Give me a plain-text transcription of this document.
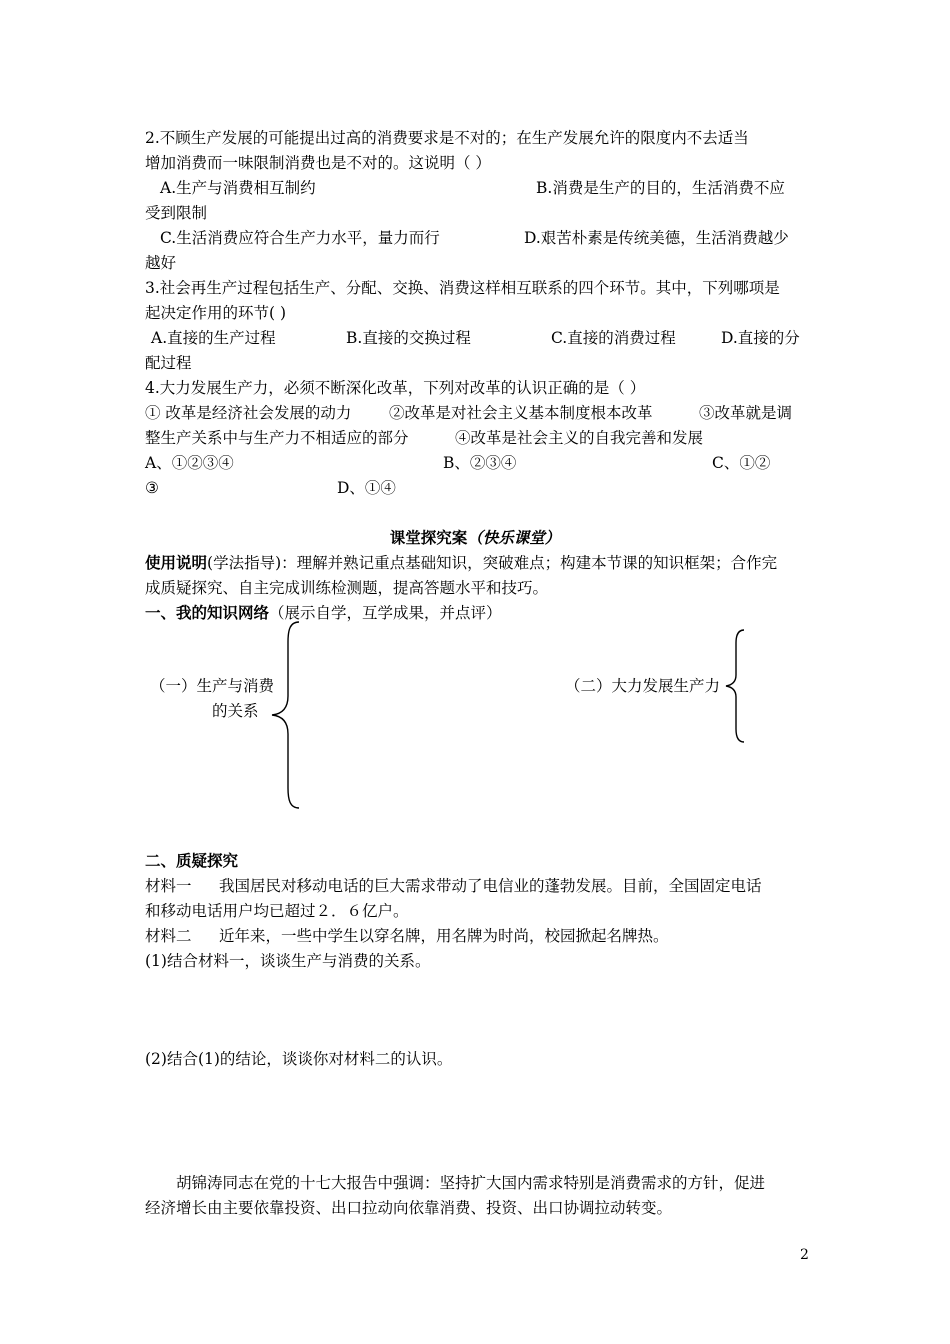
2.不顾生产发展的可能提出过高的消费要求是不对的；在生产发展允许的限度内不去适当
增加消费而一味限制消费也是不对的。这说明（ ）
A.生产与消费相互制约	B.消费是生产的目的，生活消费不应
受到限制
C.生活消费应符合生产力水平，量力而行	D.艰苦朴素是传统美德，生活消费越少
越好
3.社会再生产过程包括生产、分配、交换、消费这样相互联系的四个环节。其中，下列哪项是
起决定作用的环节( )
A.直接的生产过程	B.直接的交换过程	C.直接的消费过程	D.直接的分
配过程
4.大力发展生产力，必须不断深化改革，下列对改革的认识正确的是（ ）
① 改革是经济社会发展的动力 ②改革是对社会主义基本制度根本改革	③改革就是调
整生产关系中与生产力不相适应的部分	④改革是社会主义的自我完善和发展
A、①②③④	B、②③④	C、①②
③	D、①④
课堂探究案（快乐课堂）
使用说明(学法指导)：理解并熟记重点基础知识，突破难点；构建本节课的知识框架；合作完
成质疑探究、自主完成训练检测题，提高答题水平和技巧。
一、我的知识网络（展示自学，互学成果，并点评）
（一）生产与消费
的关系
（二）大力发展生产力
二、质疑探究
材料一 我国居民对移动电话的巨大需求带动了电信业的蓬勃发展。目前，全国固定电话
和移动电话用户均已超过２．６亿户。
材料二 近年来，一些中学生以穿名牌，用名牌为时尚，校园掀起名牌热。
(1)结合材料一，谈谈生产与消费的关系。
(2)结合(1)的结论，谈谈你对材料二的认识。
胡锦涛同志在党的十七大报告中强调：坚持扩大国内需求特别是消费需求的方针，促进
经济增长由主要依靠投资、出口拉动向依靠消费、投资、出口协调拉动转变。
2
